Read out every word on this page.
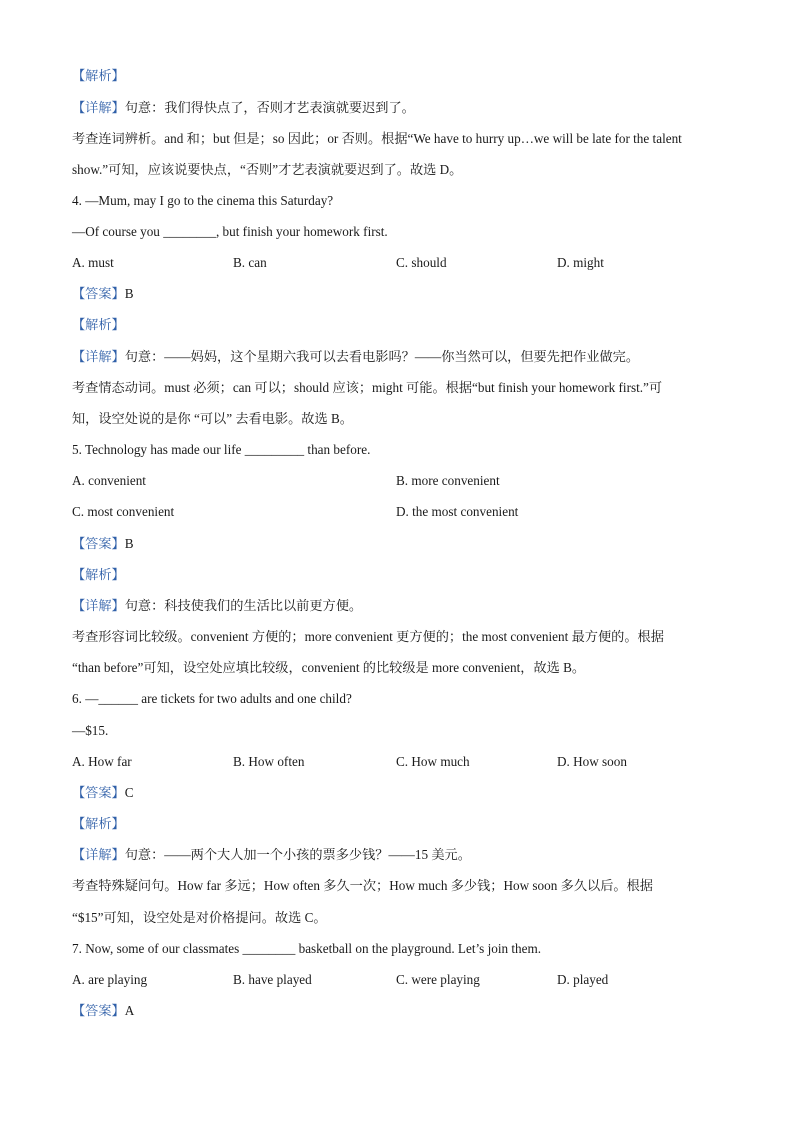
【解析】
【详解】句意：我们得快点了，否则才艺表演就要迟到了。
考查连词辨析。and 和；but 但是；so 因此；or 否则。根据“We have to hurry up…we will be late for the talent
show.”可知，应该说要快点，“否则”才艺表演就要迟到了。故选 D。
4. —Mum, may I go to the cinema this Saturday?
—Of course you ________, but finish your homework first.
A. must	B. can	C. should	D. might
【答案】B
【解析】
【详解】句意：——妈妈，这个星期六我可以去看电影吗？——你当然可以，但要先把作业做完。
考查情态动词。must 必须；can 可以；should 应该；might 可能。根据“but finish your homework first.”可
知，设空处说的是你 “可以” 去看电影。故选 B。
5. Technology has made our life _________ than before.
A. convenient	B. more convenient
C. most convenient	D. the most convenient
【答案】B
【解析】
【详解】句意：科技使我们的生活比以前更方便。
考查形容词比较级。convenient 方便的；more convenient 更方便的；the most convenient 最方便的。根据
“than before”可知，设空处应填比较级，convenient 的比较级是 more convenient，故选 B。
6. —______ are tickets for two adults and one child?
—$15.
A. How far	B. How often	C. How much	D. How soon
【答案】C
【解析】
【详解】句意：——两个大人加一个小孩的票多少钱？——15 美元。
考查特殊疑问句。How far 多远；How often 多久一次；How much 多少钱；How soon 多久以后。根据
“$15”可知，设空处是对价格提问。故选 C。
7. Now, some of our classmates ________ basketball on the playground. Let’s join them.
A. are playing	B. have played	C. were playing	D. played
【答案】A
